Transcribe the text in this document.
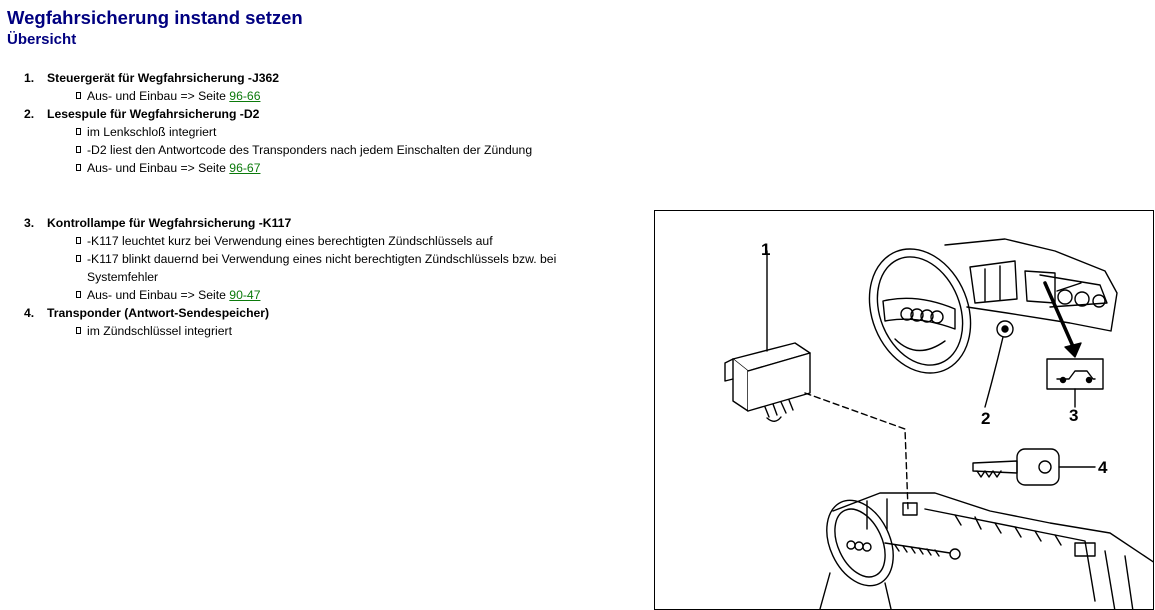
Wegfahrsicherung instand setzen
Übersicht
1. Steuergerät für Wegfahrsicherung -J362
Aus- und Einbau => Seite 96-66
2. Lesespule für Wegfahrsicherung -D2
im Lenkschloß integriert
-D2 liest den Antwortcode des Transponders nach jedem Einschalten der Zündung
Aus- und Einbau => Seite 96-67
3. Kontrollampe für Wegfahrsicherung -K117
-K117 leuchtet kurz bei Verwendung eines berechtigten Zündschlüssels auf
-K117 blinkt dauernd bei Verwendung eines nicht berechtigten Zündschlüssels bzw. bei Systemfehler
Aus- und Einbau => Seite 90-47
4. Transponder (Antwort-Sendespeicher)
im Zündschlüssel integriert
1
2	3
4
